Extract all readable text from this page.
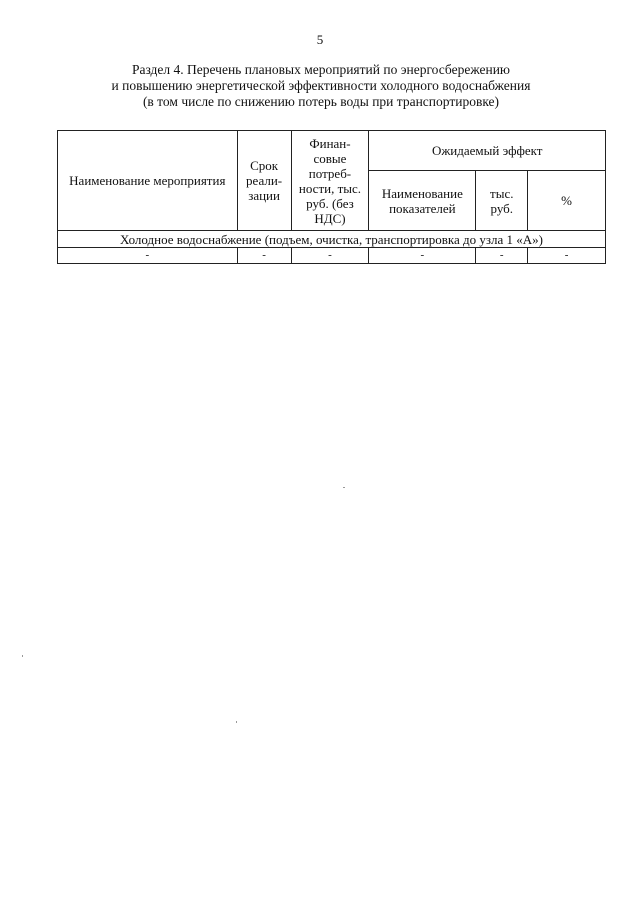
5
Раздел 4. Перечень плановых мероприятий по энергосбережению
и повышению энергетической эффективности холодного водоснабжения
(в том числе по снижению потерь воды при транспортировке)
Наименование мероприятия	Срок реали-зации	Финан-совые потреб-ности, тыс. руб. (без НДС)	Ожидаемый эффект		
			Наименование показателей	тыс. руб.	%
Холодное водоснабжение (подъем, очистка, транспортировка до узла 1 «А»)					
-	-	-	-	-	-
